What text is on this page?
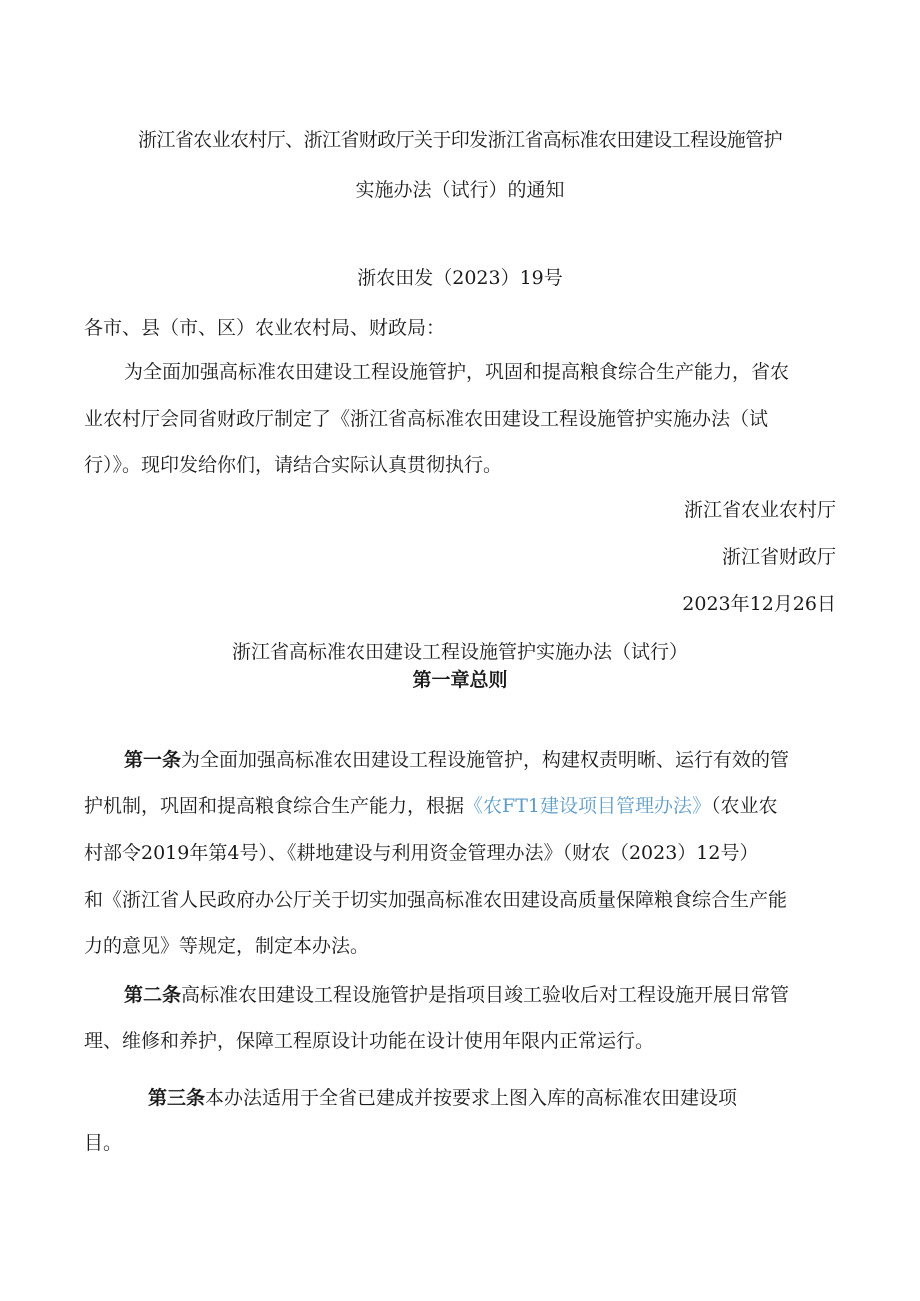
浙江省农业农村厅、浙江省财政厅关于印发浙江省高标准农田建设工程设施管护
实施办法（试行）的通知
浙农田发（2023）19号
各市、县（市、区）农业农村局、财政局：
为全面加强高标准农田建设工程设施管护，巩固和提高粮食综合生产能力，省农
业农村厅会同省财政厅制定了《浙江省高标准农田建设工程设施管护实施办法（试
行）》。现印发给你们，请结合实际认真贯彻执行。
浙江省农业农村厅
浙江省财政厅
2023年12月26日
浙江省高标准农田建设工程设施管护实施办法（试行）
第一章总则
第一条为全面加强高标准农田建设工程设施管护，构建权责明晰、运行有效的管
护机制，巩固和提高粮食综合生产能力，根据《农FT1建设项目管理办法》（农业农
村部令2019年第4号）、《耕地建设与利用资金管理办法》（财农（2023）12号）
和《浙江省人民政府办公厅关于切实加强高标准农田建设高质量保障粮食综合生产能
力的意见》等规定，制定本办法。
第二条高标准农田建设工程设施管护是指项目竣工验收后对工程设施开展日常管
理、维修和养护，保障工程原设计功能在设计使用年限内正常运行。
第三条本办法适用于全省已建成并按要求上图入库的高标准农田建设项
目。
